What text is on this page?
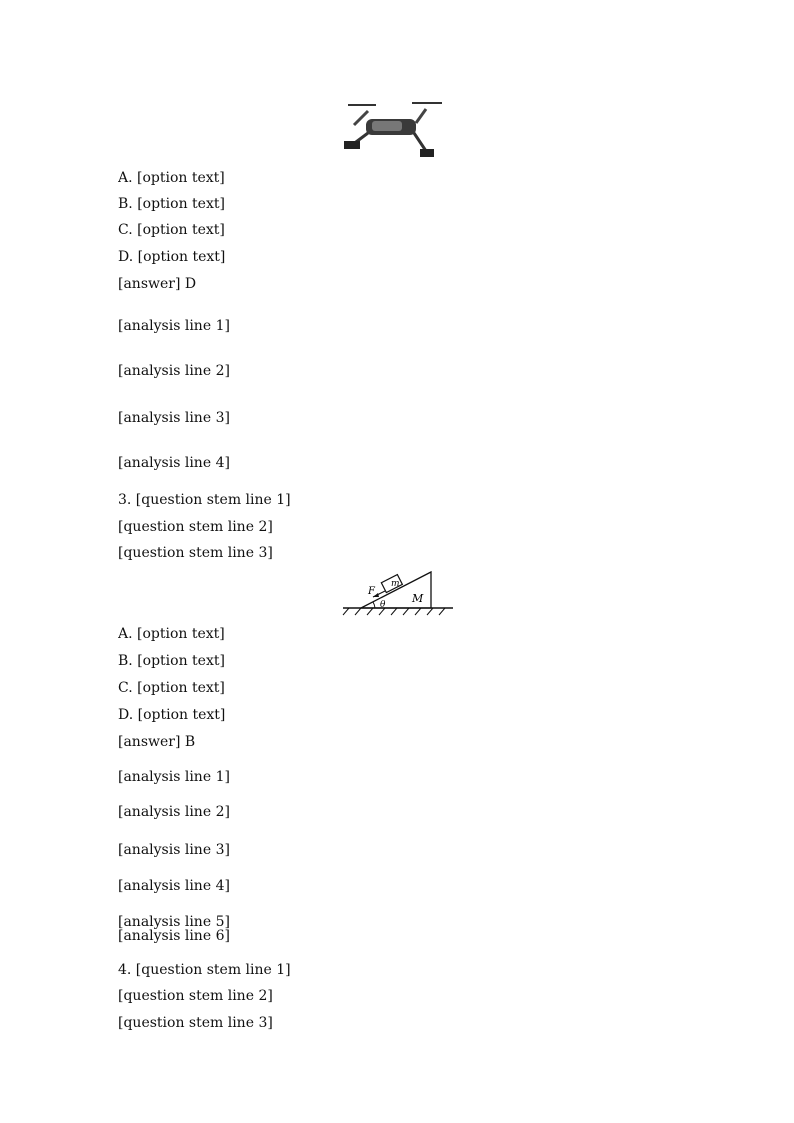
A. [option text]
B. [option text]
C. [option text]
D. [option text]
[answer] D
[analysis line 1]
[analysis line 2]
[analysis line 3]
[analysis line 4]
3. [question stem line 1]
[question stem line 2]
[question stem line 3]
F
m
θ M
A. [option text]
B. [option text]
C. [option text]
D. [option text]
[answer] B
[analysis line 1]
[analysis line 2]
[analysis line 3]
[analysis line 4]
[analysis line 5]
[analysis line 6]
4. [question stem line 1]
[question stem line 2]
[question stem line 3]
